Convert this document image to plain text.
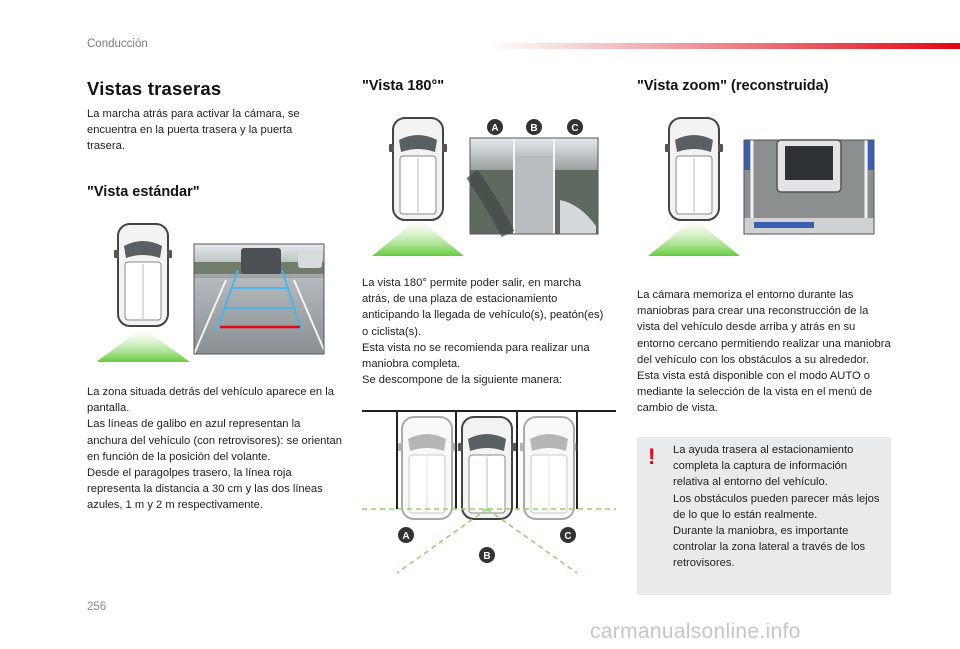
Conducción
Vistas traseras

La marcha atrás para activar la cámara, se encuentra en la puerta trasera y la puerta trasera.

"Vista estándar"

La zona situada detrás del vehículo aparece en la pantalla.

Las líneas de galibo en azul representan la anchura del vehículo (con retrovisores): se orientan en función de la posición del volante.

Desde el paragolpes trasero, la línea roja representa la distancia a 30 cm y las dos líneas azules, 1 m y 2 m respectivamente.

"Vista 180°"
A	B	C

La vista 180° permite poder salir, en marcha atrás, de una plaza de estacionamiento anticipando la llegada de vehículo(s), peatón(es) o ciclista(s).

Esta vista no se recomienda para realizar una maniobra completa.

Se descompone de la siguiente manera:

A
B
C
"Vista zoom" (reconstruida)

La cámara memoriza el entorno durante las maniobras para crear una reconstrucción de la vista del vehículo desde arriba y atrás en su entorno cercano permitiendo realizar una maniobra del vehículo con los obstáculos a su alrededor.

Esta vista está disponible con el modo AUTO o mediante la selección de la vista en el menú de cambio de vista.

! La ayuda trasera al estacionamiento completa la captura de información relativa al entorno del vehículo.

Los obstáculos pueden parecer más lejos de lo que lo están realmente.

Durante la maniobra, es importante controlar la zona lateral a través de los retrovisores.

256
carmanualsonline.info
